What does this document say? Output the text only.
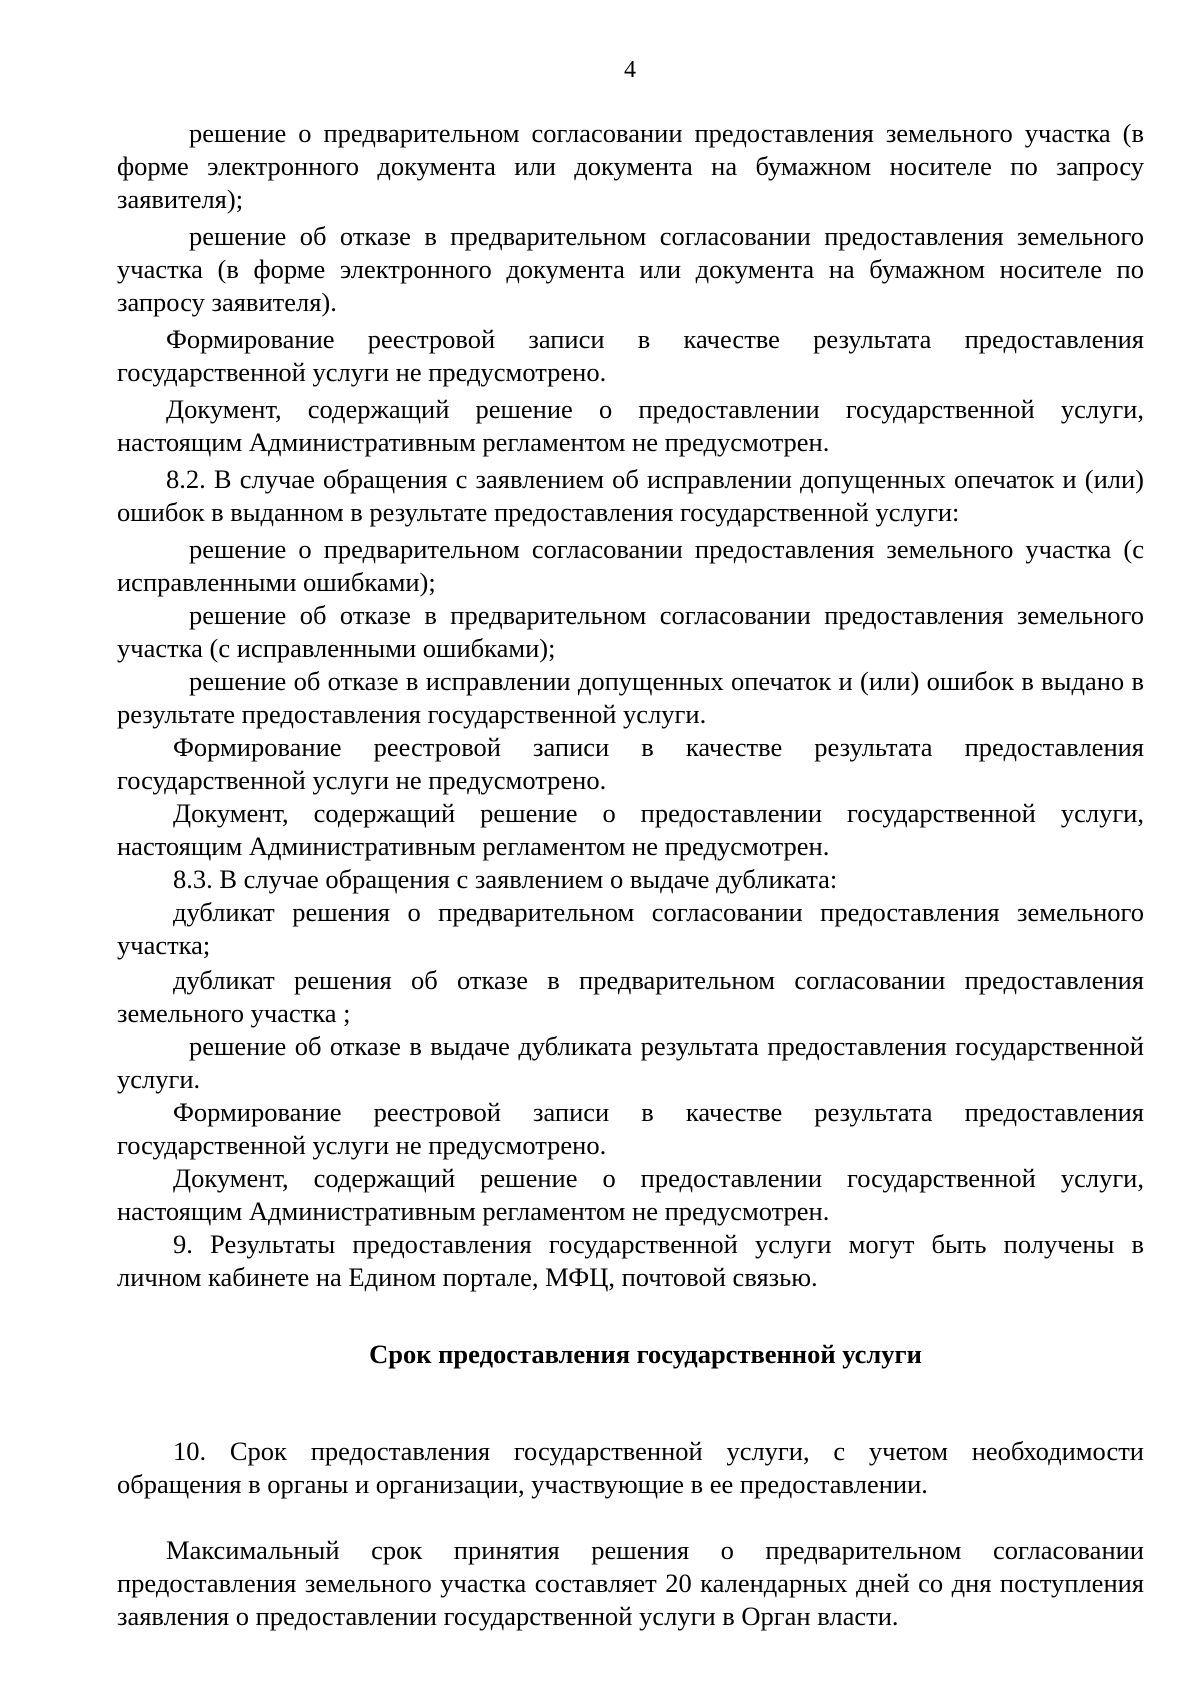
4

решение о предварительном согласовании предоставления земельного участка (в форме электронного документа или документа на бумажном носителе по запросу заявителя);

решение об отказе в предварительном согласовании предоставления земельного участка (в форме электронного документа или документа на бумажном носителе по запросу заявителя).

Формирование реестровой записи в качестве результата предоставления государственной услуги не предусмотрено.

Документ, содержащий решение о предоставлении государственной услуги, настоящим Административным регламентом не предусмотрен.

8.2. В случае обращения с заявлением об исправлении допущенных опечаток и (или) ошибок в выданном в результате предоставления государственной услуги:

решение о предварительном согласовании предоставления земельного участка (с исправленными ошибками);

решение об отказе в предварительном согласовании предоставления земельного участка (с исправленными ошибками);

решение об отказе в исправлении допущенных опечаток и (или) ошибок в выдано в результате предоставления государственной услуги.

Формирование реестровой записи в качестве результата предоставления государственной услуги не предусмотрено.

Документ, содержащий решение о предоставлении государственной услуги, настоящим Административным регламентом не предусмотрен.

8.3. В случае обращения с заявлением о выдаче дубликата:

дубликат решения о предварительном согласовании предоставления земельного участка;

дубликат решения об отказе в предварительном согласовании предоставления земельного участка ;

решение об отказе в выдаче дубликата результата предоставления государственной услуги.

Формирование реестровой записи в качестве результата предоставления государственной услуги не предусмотрено.

Документ, содержащий решение о предоставлении государственной услуги, настоящим Административным регламентом не предусмотрен.

9. Результаты предоставления государственной услуги могут быть получены в личном кабинете на Едином портале, МФЦ, почтовой связью.

Срок предоставления государственной услуги

10. Срок предоставления государственной услуги, с учетом необходимости обращения в органы и организации, участвующие в ее предоставлении.

Максимальный срок принятия решения о предварительном согласовании предоставления земельного участка составляет 20 календарных дней со дня поступления заявления о предоставлении государственной услуги в Орган власти.
